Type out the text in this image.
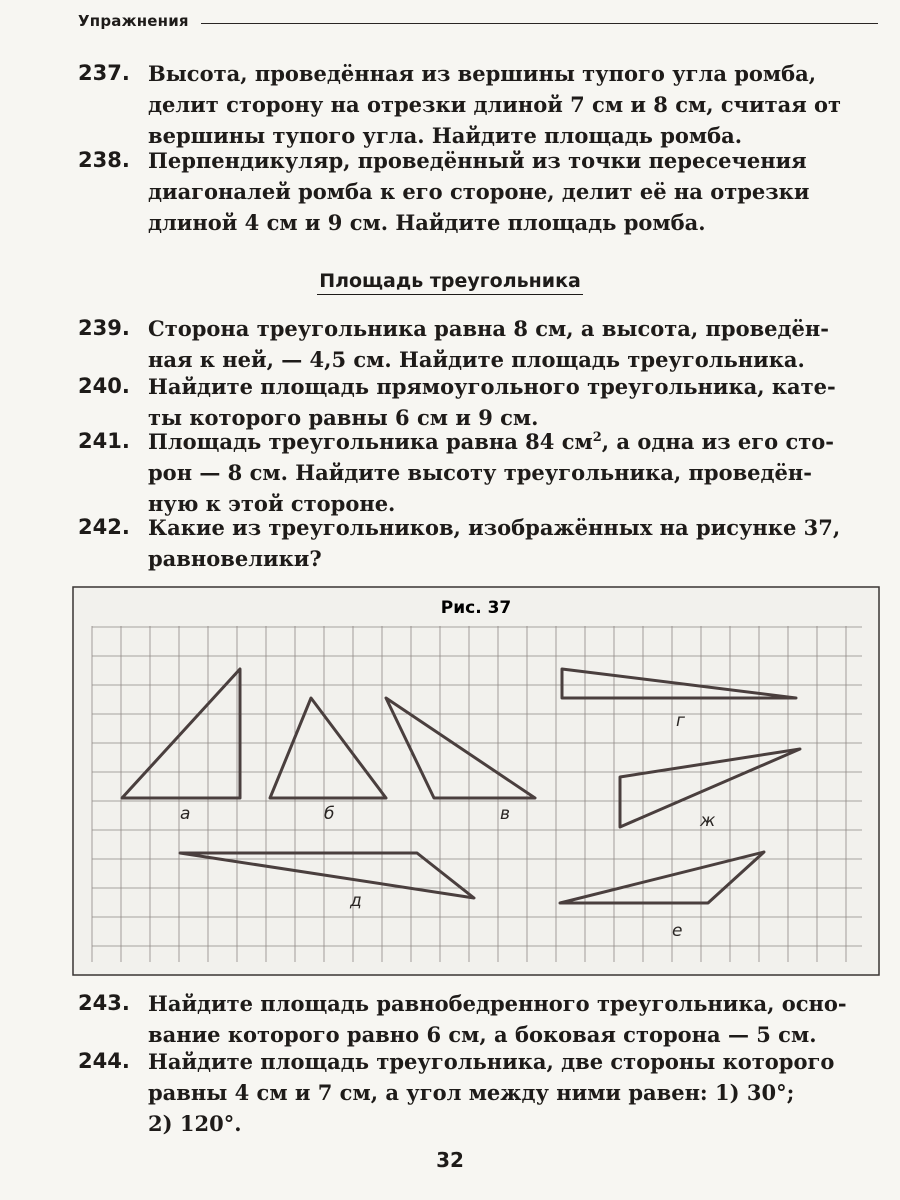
Упражнения
237. Высота, проведённая из вершины тупого угла ромба,
делит сторону на отрезки длиной 7 см и 8 см, считая от
вершины тупого угла. Найдите площадь ромба.
238. Перпендикуляр, проведённый из точки пересечения
диагоналей ромба к его стороне, делит её на отрезки
длиной 4 см и 9 см. Найдите площадь ромба.
Площадь треугольника
239. Сторона треугольника равна 8 см, а высота, проведён-
ная к ней, — 4,5 см. Найдите площадь треугольника.
240. Найдите площадь прямоугольного треугольника, кате-
ты которого равны 6 см и 9 см.
241. Площадь треугольника равна 84 $см^2$, а одна из его сто-
рон — 8 см. Найдите высоту треугольника, проведён-
ную к этой стороне.
242. Какие из треугольников, изображённых на рисунке 37,
равновелики?
Рис. 37
а	б	в
г
ж
д
е
243. Найдите площадь равнобедренного треугольника, осно-
вание которого равно 6 см, а боковая сторона — 5 см.
244. Найдите площадь треугольника, две стороны которого
равны 4 см и 7 см, а угол между ними равен: 1) 30°;
2) 120°.
32
